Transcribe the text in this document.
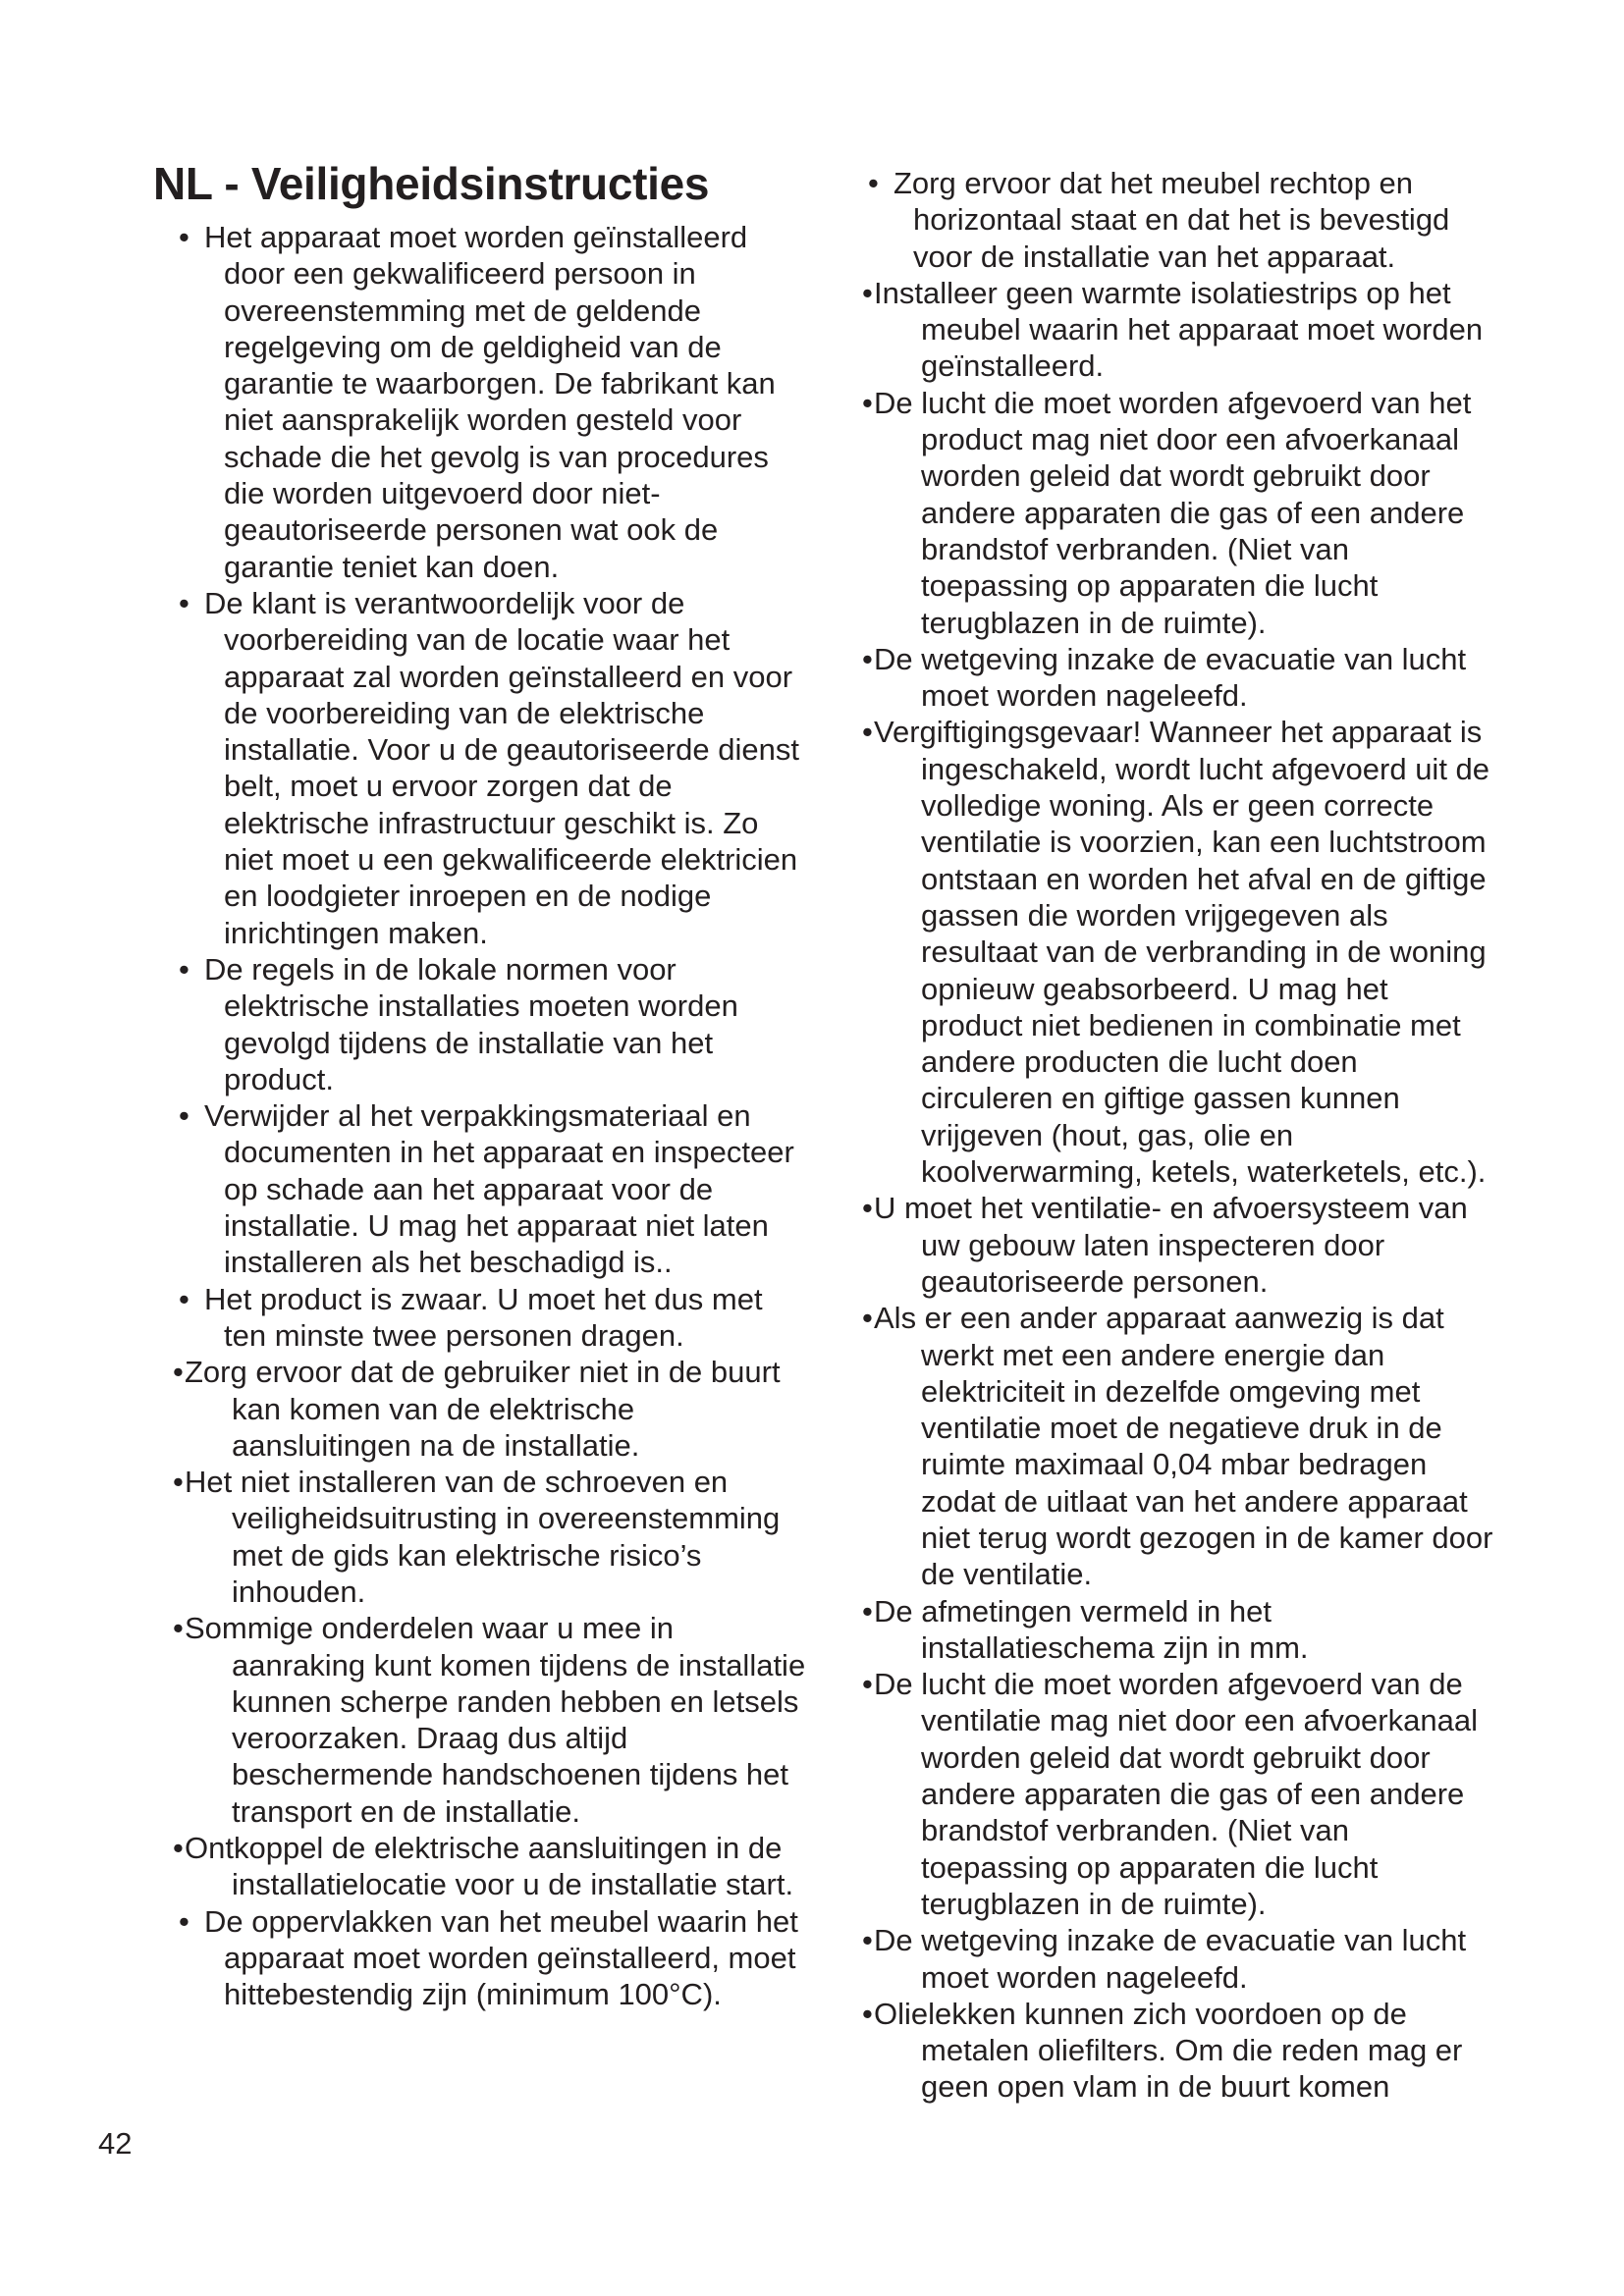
NL - Veiligheidsinstructies
• Het apparaat moet worden geïnstalleerd door een gekwalificeerd persoon in overeenstemming met de geldende regelgeving om de geldigheid van de garantie te waarborgen. De fabrikant kan niet aansprakelijk worden gesteld voor schade die het gevolg is van procedures die worden uitgevoerd door niet-geautoriseerde personen wat ook de garantie teniet kan doen.
• De klant is verantwoordelijk voor de voorbereiding van de locatie waar het apparaat zal worden geïnstalleerd en voor de voorbereiding van de elektrische installatie. Voor u de geautoriseerde dienst belt, moet u ervoor zorgen dat de elektrische infrastructuur geschikt is. Zo niet moet u een gekwalificeerde elektricien en loodgieter inroepen en de nodige inrichtingen maken.
• De regels in de lokale normen voor elektrische installaties moeten worden gevolgd tijdens de installatie van het product.
• Verwijder al het verpakkingsmateriaal en documenten in het apparaat en inspecteer op schade aan het apparaat voor de installatie. U mag het apparaat niet laten installeren als het beschadigd is..
• Het product is zwaar. U moet het dus met ten minste twee personen dragen.
•Zorg ervoor dat de gebruiker niet in de buurt kan komen van de elektrische aansluitingen na de installatie.
•Het niet installeren van de schroeven en veiligheidsuitrusting in overeenstemming met de gids kan elektrische risico’s inhouden.
•Sommige onderdelen waar u mee in aanraking kunt komen tijdens de installatie kunnen scherpe randen hebben en letsels veroorzaken. Draag dus altijd beschermende handschoenen tijdens het transport en de installatie.
•Ontkoppel de elektrische aansluitingen in de installatielocatie voor u de installatie start.
• De oppervlakken van het meubel waarin het apparaat moet worden geïnstalleerd, moet hittebestendig zijn (minimum 100°C).
• Zorg ervoor dat het meubel rechtop en horizontaal staat en dat het is bevestigd voor de installatie van het apparaat.
•Installeer geen warmte isolatiestrips op het meubel waarin het apparaat moet worden geïnstalleerd.
•De lucht die moet worden afgevoerd van het product mag niet door een afvoerkanaal worden geleid dat wordt gebruikt door andere apparaten die gas of een andere brandstof verbranden. (Niet van toepassing op apparaten die lucht terugblazen in de ruimte).
•De wetgeving inzake de evacuatie van lucht moet worden nageleefd.
•Vergiftigingsgevaar! Wanneer het apparaat is ingeschakeld, wordt lucht afgevoerd uit de volledige woning. Als er geen correcte ventilatie is voorzien, kan een luchtstroom ontstaan en worden het afval en de giftige gassen die worden vrijgegeven als resultaat van de verbranding in de woning opnieuw geabsorbeerd. U mag het product niet bedienen in combinatie met andere producten die lucht doen circuleren en giftige gassen kunnen vrijgeven (hout, gas, olie en koolverwarming, ketels, waterketels, etc.).
•U moet het ventilatie- en afvoersysteem van uw gebouw laten inspecteren door geautoriseerde personen.
•Als er een ander apparaat aanwezig is dat werkt met een andere energie dan elektriciteit in dezelfde omgeving met ventilatie moet de negatieve druk in de ruimte maximaal 0,04 mbar bedragen zodat de uitlaat van het andere apparaat niet terug wordt gezogen in de kamer door de ventilatie.
•De afmetingen vermeld in het installatieschema zijn in mm.
•De lucht die moet worden afgevoerd van de ventilatie mag niet door een afvoerkanaal worden geleid dat wordt gebruikt door andere apparaten die gas of een andere brandstof verbranden. (Niet van toepassing op apparaten die lucht terugblazen in de ruimte).
•De wetgeving inzake de evacuatie van lucht moet worden nageleefd.
•Olielekken kunnen zich voordoen op de metalen oliefilters. Om die reden mag er geen open vlam in de buurt komen
42
